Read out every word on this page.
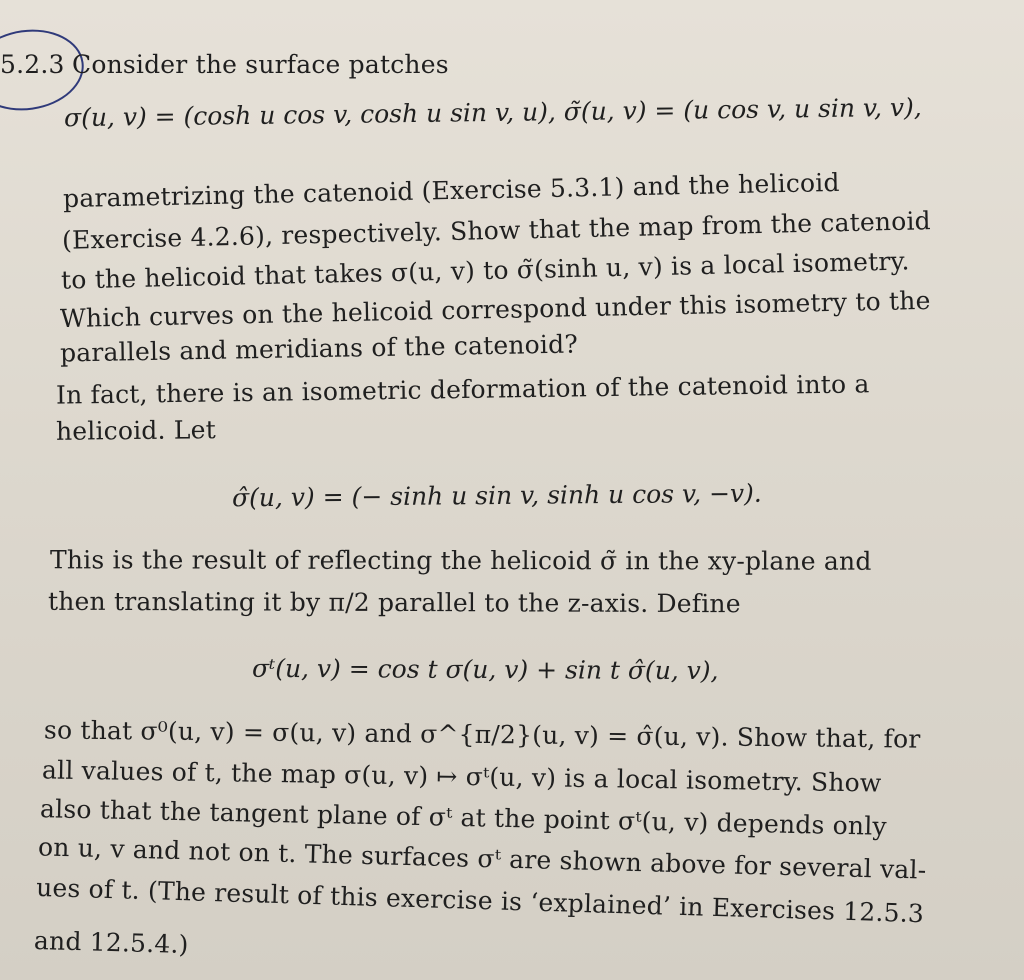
5.2.3 Consider the surface patches
σ(u, v) = (cosh u cos v, cosh u sin v, u), σ̃(u, v) = (u cos v, u sin v, v),
parametrizing the catenoid (Exercise 5.3.1) and the helicoid
(Exercise 4.2.6), respectively. Show that the map from the catenoid
to the helicoid that takes σ(u, v) to σ̃(sinh u, v) is a local isometry.
Which curves on the helicoid correspond under this isometry to the
parallels and meridians of the catenoid?
In fact, there is an isometric deformation of the catenoid into a
helicoid. Let
σ̂(u, v) = (− sinh u sin v, sinh u cos v, −v).
This is the result of reflecting the helicoid σ̃ in the xy-plane and
then translating it by π/2 parallel to the z-axis. Define
σᵗ(u, v) = cos t σ(u, v) + sin t σ̂(u, v),
so that σ⁰(u, v) = σ(u, v) and σ^{π/2}(u, v) = σ̂(u, v). Show that, for
all values of t, the map σ(u, v) ↦ σᵗ(u, v) is a local isometry. Show
also that the tangent plane of σᵗ at the point σᵗ(u, v) depends only
on u, v and not on t. The surfaces σᵗ are shown above for several val-
ues of t. (The result of this exercise is ‘explained’ in Exercises 12.5.3
and 12.5.4.)
